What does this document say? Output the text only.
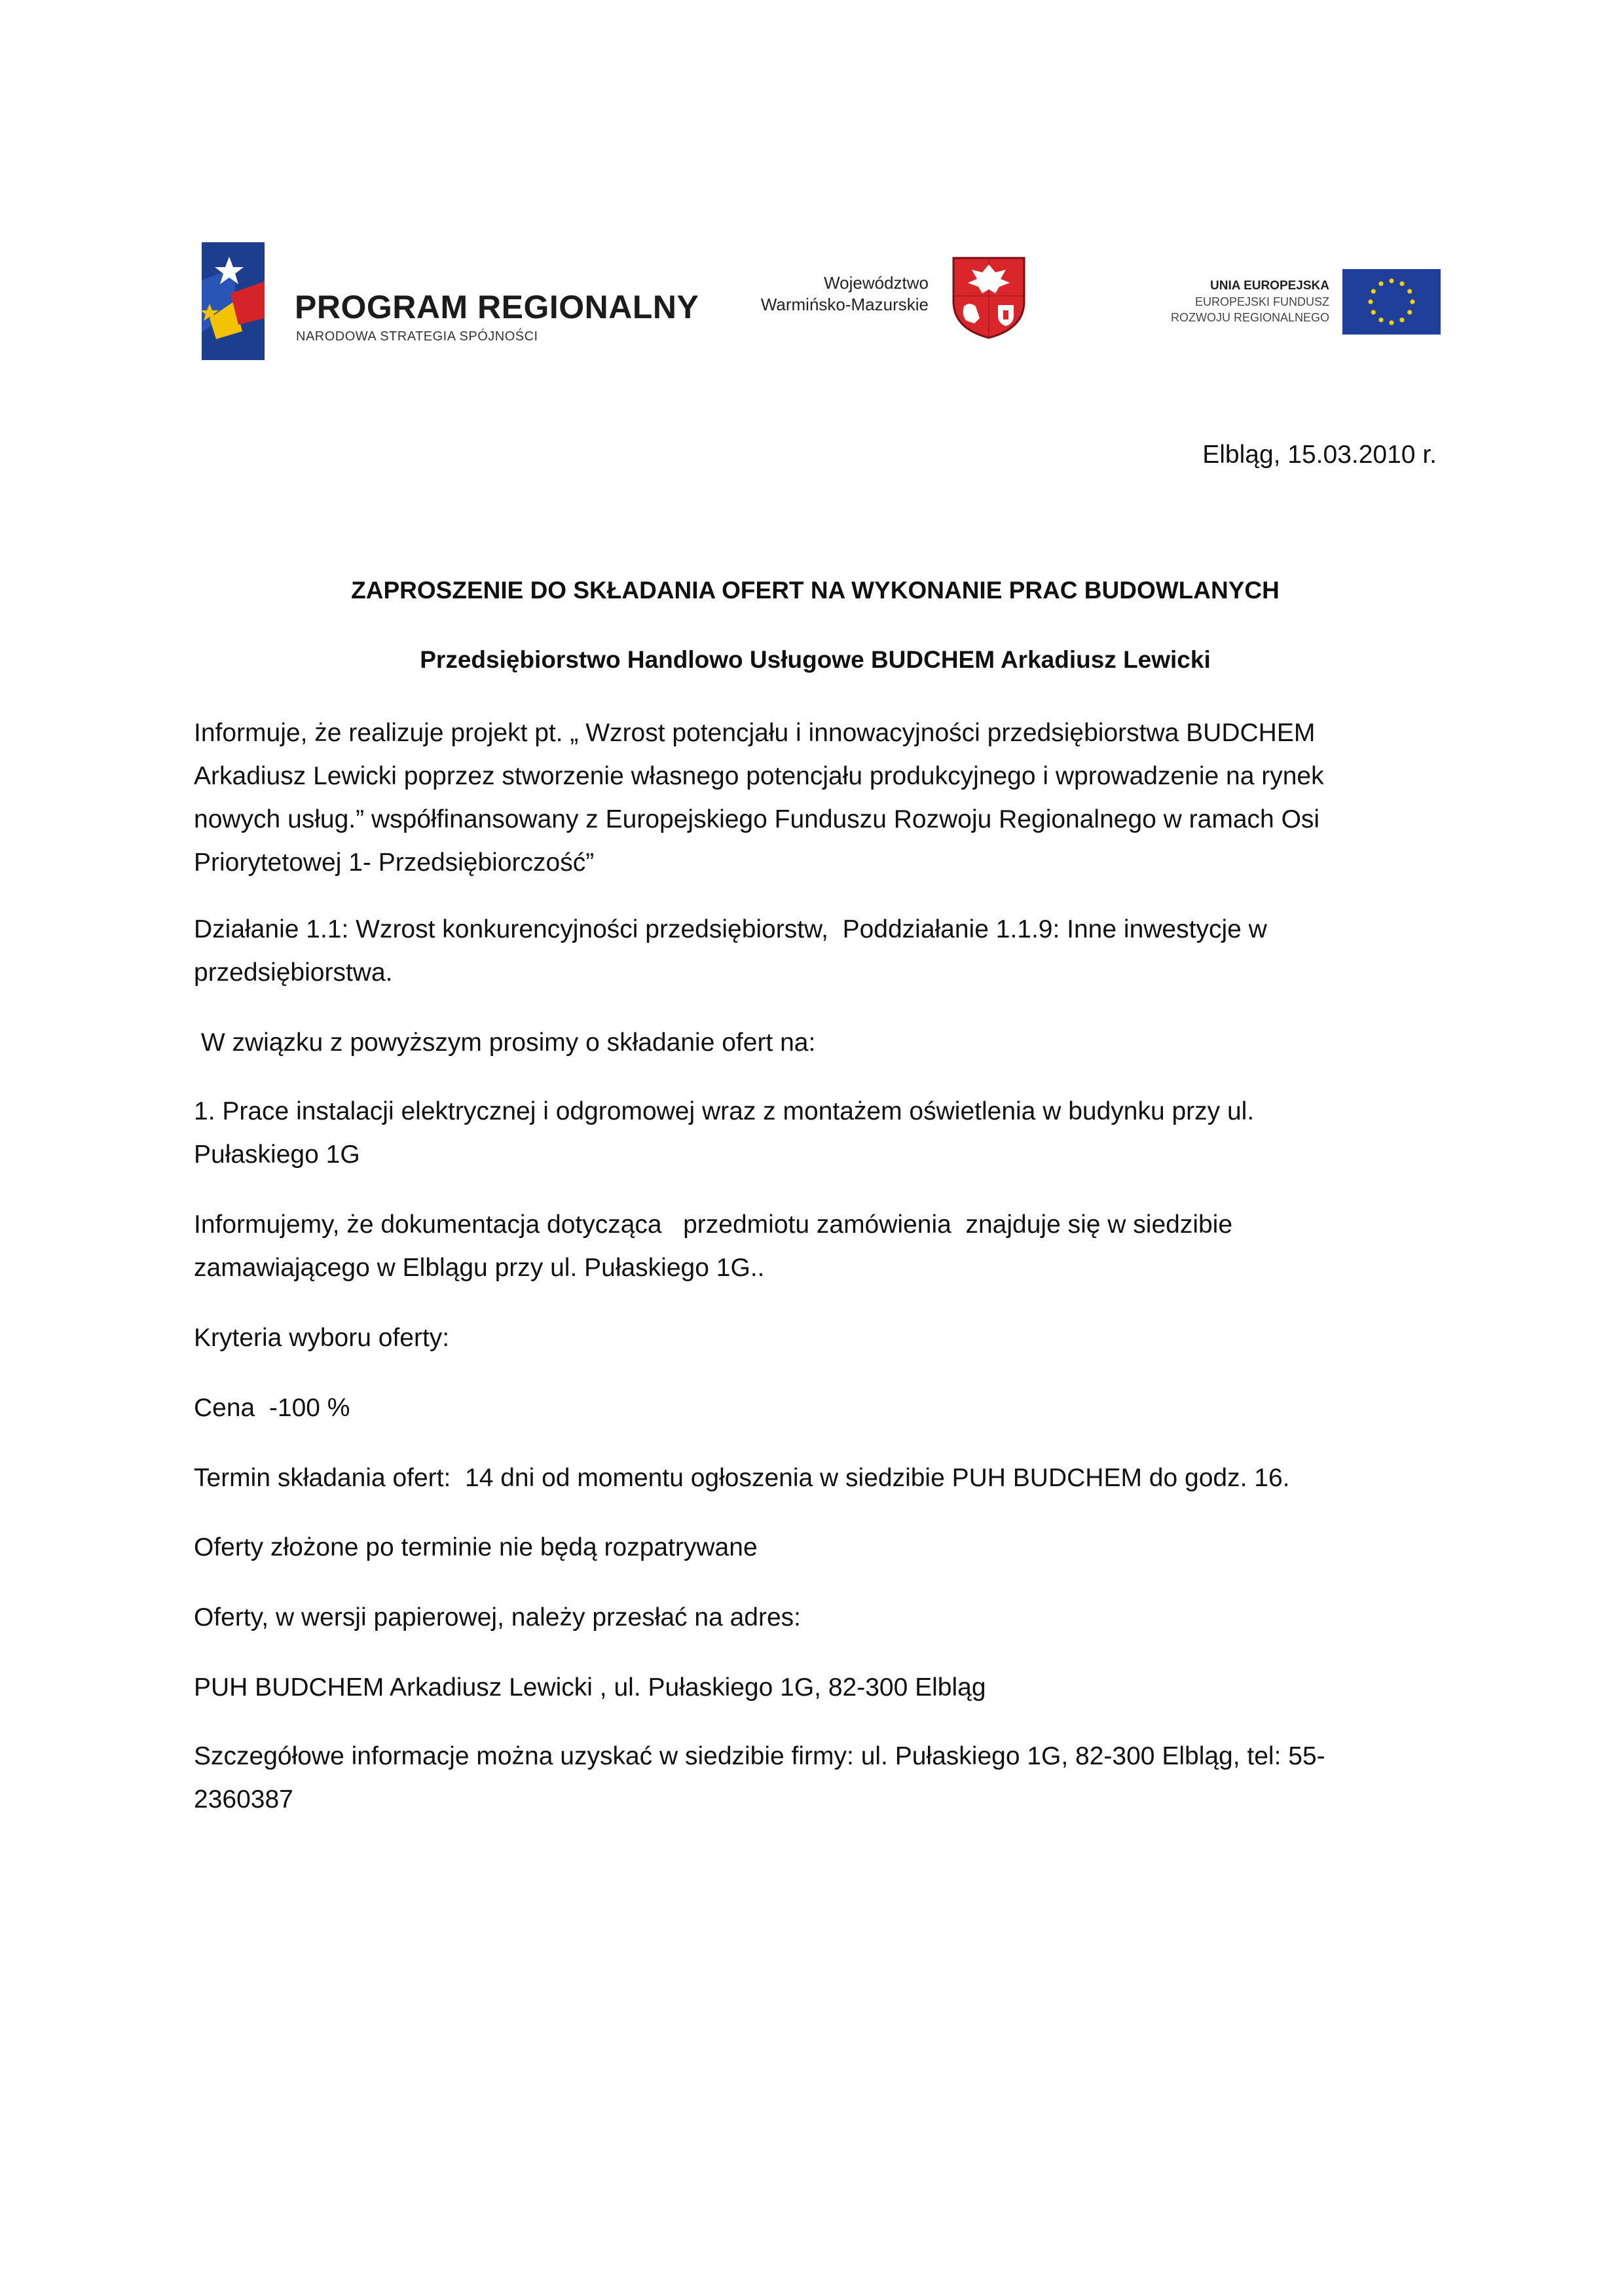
PROGRAM REGIONALNY
NARODOWA STRATEGIA SPÓJNOŚCI
Województwo
Warmińsko-Mazurskie
UNIA EUROPEJSKA
EUROPEJSKI FUNDUSZ
ROZWOJU REGIONALNEGO
Elbląg, 15.03.2010 r.
ZAPROSZENIE DO SKŁADANIA OFERT NA WYKONANIE PRAC BUDOWLANYCH
Przedsiębiorstwo Handlowo Usługowe BUDCHEM Arkadiusz Lewicki
Informuje, że realizuje projekt pt. „ Wzrost potencjału i innowacyjności przedsiębiorstwa BUDCHEM
Arkadiusz Lewicki poprzez stworzenie własnego potencjału produkcyjnego i wprowadzenie na rynek
nowych usług.” współfinansowany z Europejskiego Funduszu Rozwoju Regionalnego w ramach Osi
Priorytetowej 1- Przedsiębiorczość”
Działanie 1.1: Wzrost konkurencyjności przedsiębiorstw,  Poddziałanie 1.1.9: Inne inwestycje w
przedsiębiorstwa.
W związku z powyższym prosimy o składanie ofert na:
1. Prace instalacji elektrycznej i odgromowej wraz z montażem oświetlenia w budynku przy ul.
Pułaskiego 1G
Informujemy, że dokumentacja dotycząca   przedmiotu zamówienia  znajduje się w siedzibie
zamawiającego w Elblągu przy ul. Pułaskiego 1G..
Kryteria wyboru oferty:
Cena  -100 %
Termin składania ofert:  14 dni od momentu ogłoszenia w siedzibie PUH BUDCHEM do godz. 16.
Oferty złożone po terminie nie będą rozpatrywane
Oferty, w wersji papierowej, należy przesłać na adres:
PUH BUDCHEM Arkadiusz Lewicki , ul. Pułaskiego 1G, 82-300 Elbląg
Szczegółowe informacje można uzyskać w siedzibie firmy: ul. Pułaskiego 1G, 82-300 Elbląg, tel: 55-
2360387
